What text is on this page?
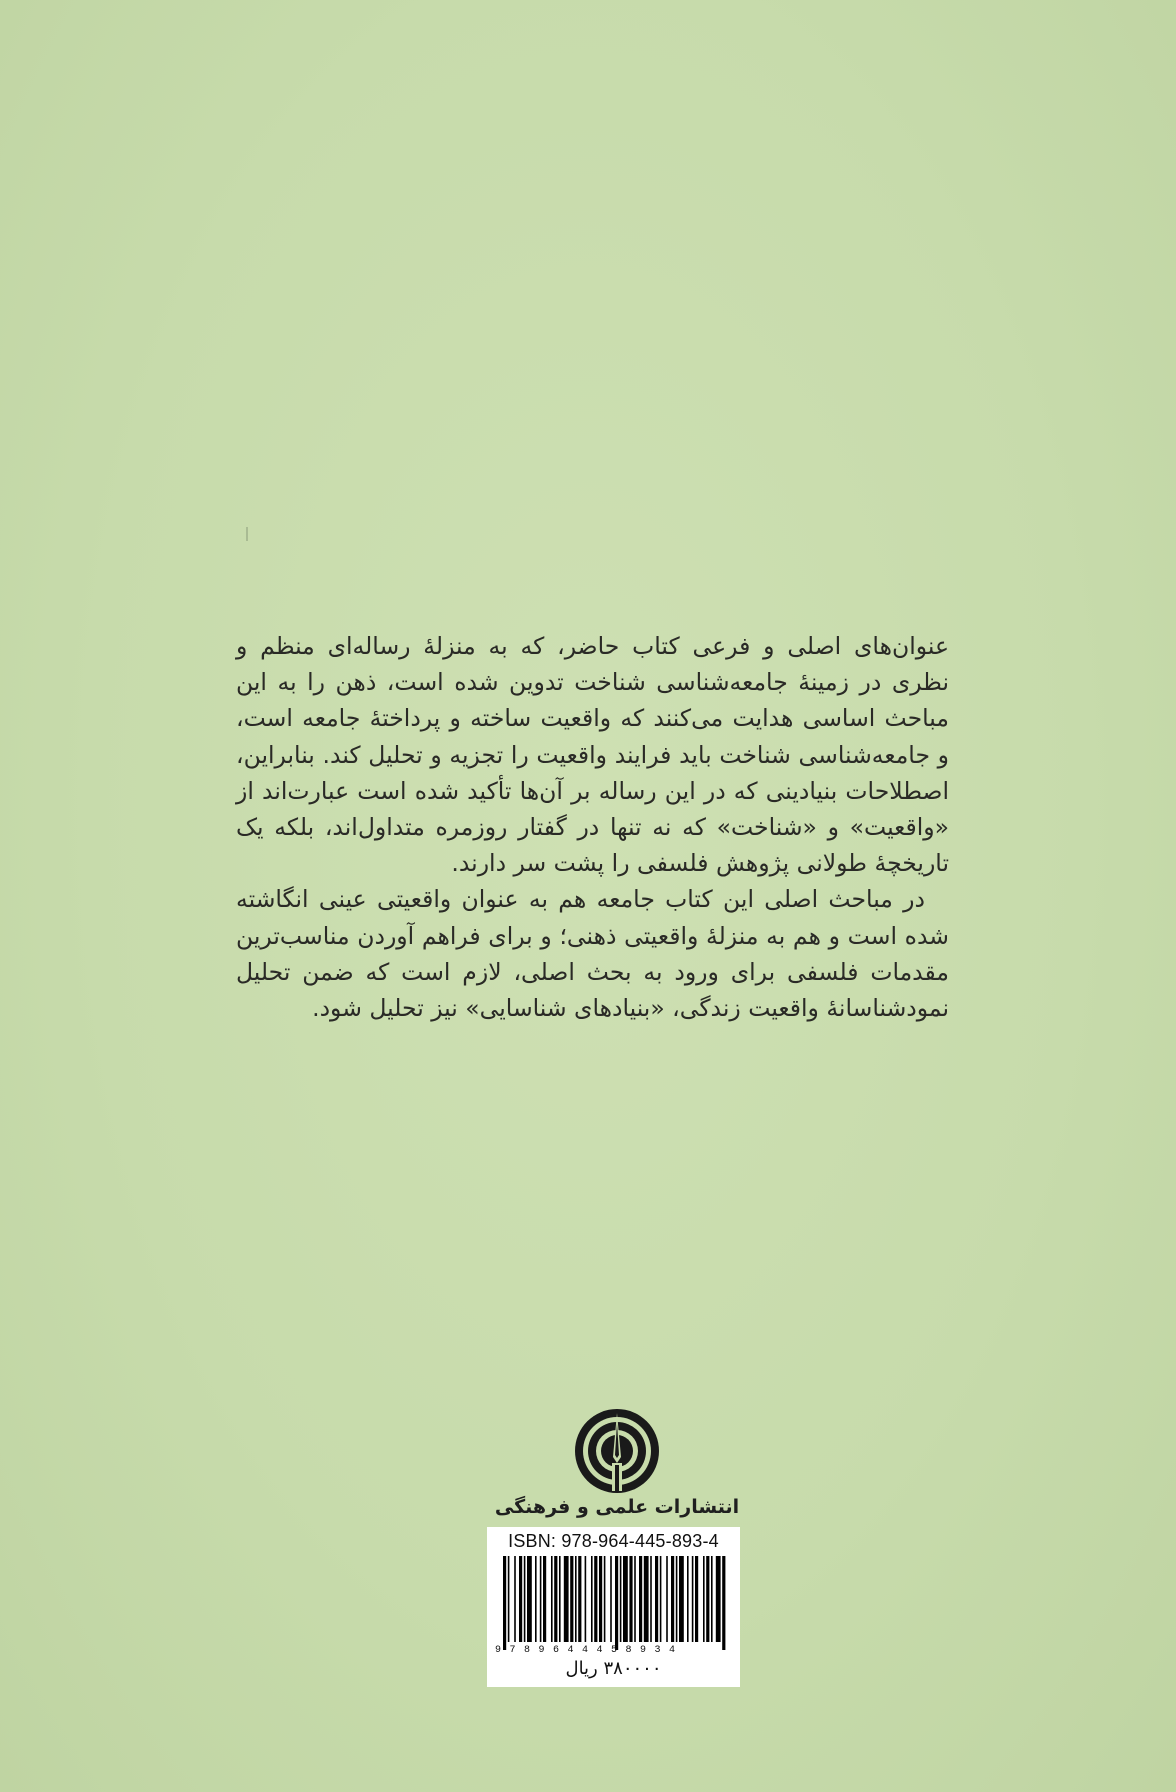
عنوان‌های اصلی و فرعی کتاب حاضر، که به منزلهٔ رساله‌ای منظم و نظری در زمینهٔ جامعه‌شناسی شناخت تدوین شده است، ذهن را به این مباحث اساسی هدایت می‌کنند که واقعیت ساخته و پرداختهٔ جامعه است، و جامعه‌شناسی شناخت باید فرایند واقعیت را تجزیه و تحلیل کند. بنابراین، اصطلاحات بنیادینی که در این رساله بر آن‌ها تأکید شده است عبارت‌اند از «واقعیت» و «شناخت» که نه تنها در گفتار روزمره متداول‌اند، بلکه یک تاریخچهٔ طولانی پژوهش فلسفی را پشت سر دارند.

در مباحث اصلی این کتاب جامعه هم به عنوان واقعیتی عینی انگاشته شده است و هم به منزلهٔ واقعیتی ذهنی؛ و برای فراهم آوردن مناسب‌ترین مقدمات فلسفی برای ورود به بحث اصلی، لازم است که ضمن تحلیل نمودشناسانهٔ واقعیت زندگی، «بنیادهای شناسایی» نیز تحلیل شود.

انتشارات علمی و فرهنگی
ISBN: 978-964-445-893-4
9789644458934
۳۸۰۰۰۰ ریال
